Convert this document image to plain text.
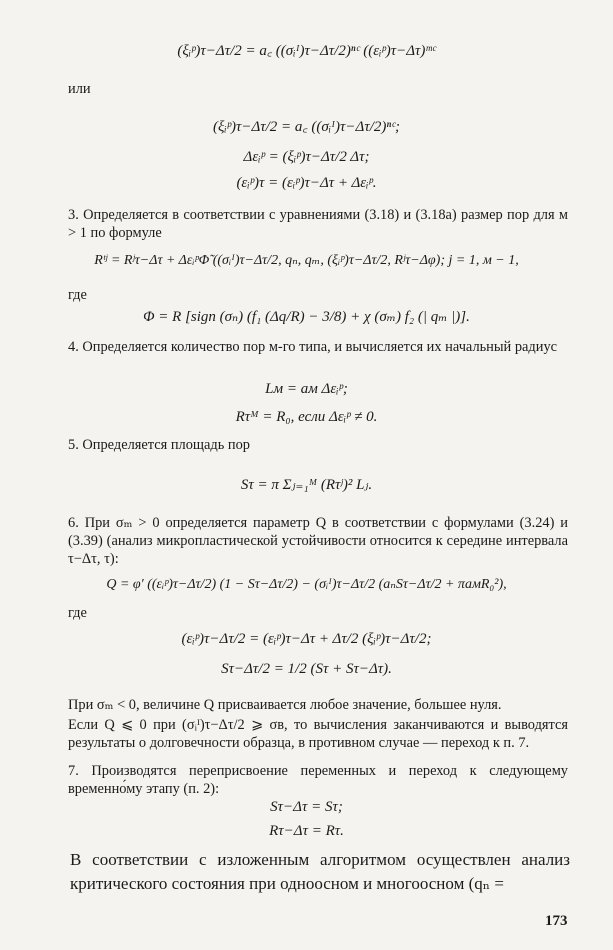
(ξᵢᵖ)τ−Δτ/2 = a꜀ ((σᵢᴵ)τ−Δτ/2)ⁿᶜ ((εᵢᵖ)τ−Δτ)ᵐᶜ
или
(ξᵢᵖ)τ−Δτ/2 = a꜀ ((σᵢᴵ)τ−Δτ/2)ⁿᶜ;
Δεᵢᵖ = (ξᵢᵖ)τ−Δτ/2 Δτ;
(εᵢᵖ)τ = (εᵢᵖ)τ−Δτ + Δεᵢᵖ.
3. Определяется в соответствии с уравнениями (3.18) и (3.18а) размер пор для м > 1 по формуле
Rᵗʲ = Rʲτ−Δτ + ΔεᵢᵖΦ̃ ((σᵢᴵ)τ−Δτ/2, qₙ, qₘ, (ξᵢᵖ)τ−Δτ/2, Rʲτ−Δφ); j = 1, м − 1,
где
Φ = R [sign (σₙ) (f₁ (Δq/R) − 3/8) + χ (σₘ) f₂ (| qₘ |)].
4. Определяется количество пор м-го типа, и вычисляется их начальный радиус
Lм = aм Δεᵢᵖ;
Rτᴹ = R₀, если Δεᵢᵖ ≠ 0.
5. Определяется площадь пор
Sτ = π Σⱼ₌₁ᴹ (Rτʲ)² Lⱼ.
6. При σₘ > 0 определяется параметр Q в соответствии с формулами (3.24) и (3.39) (анализ микропластической устойчивости относится к середине интервала τ−Δτ, τ):
Q = φ′ ((εᵢᵖ)τ−Δτ/2) (1 − Sτ−Δτ/2) − (σᵢᴵ)τ−Δτ/2 (aₙSτ−Δτ/2 + πaмR₀²),
где
(εᵢᵖ)τ−Δτ/2 = (εᵢᵖ)τ−Δτ + Δτ/2 (ξᵢᵖ)τ−Δτ/2;
Sτ−Δτ/2 = 1/2 (Sτ + Sτ−Δτ).
При σₘ < 0, величине Q присваивается любое значение, большее нуля.
Если Q ⩽ 0 при (σᵢᴵ)τ−Δτ/2 ⩾ σв, то вычисления заканчиваются и выводятся результаты о долговечности образца, в противном случае — переход к п. 7.
7. Производятся переприсвоение переменных и переход к следующему временно́му этапу (п. 2):
Sτ−Δτ = Sτ;
Rτ−Δτ = Rτ.
В соответствии с изложенным алгоритмом осуществлен анализ критического состояния при одноосном и многоосном (qₙ =
173
